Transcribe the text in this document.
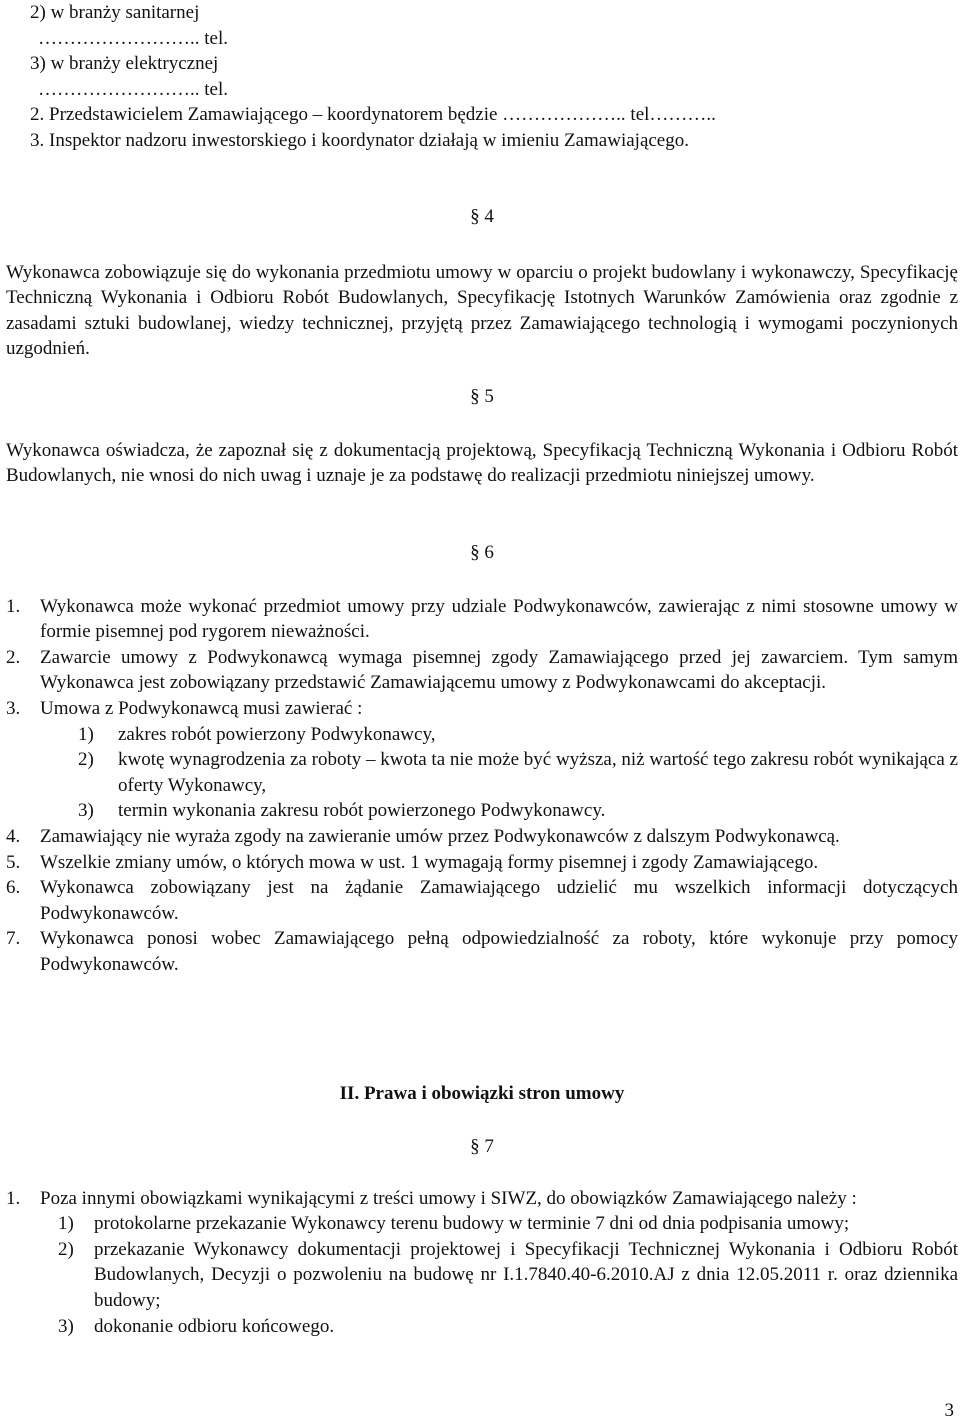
2) w branży sanitarnej
…………………….. tel.
3) w branży elektrycznej
…………………….. tel.
2. Przedstawicielem Zamawiającego – koordynatorem będzie ……………….. tel………..
3. Inspektor nadzoru inwestorskiego i koordynator działają w imieniu Zamawiającego.
§ 4
Wykonawca zobowiązuje się do wykonania przedmiotu umowy w oparciu o projekt budowlany i wykonawczy, Specyfikację Techniczną Wykonania i Odbioru Robót Budowlanych, Specyfikację Istotnych Warunków Zamówienia oraz zgodnie z zasadami sztuki budowlanej, wiedzy technicznej, przyjętą przez Zamawiającego technologią i wymogami poczynionych uzgodnień.
§ 5
Wykonawca oświadcza, że zapoznał się z dokumentacją projektową, Specyfikacją Techniczną Wykonania i Odbioru Robót Budowlanych, nie wnosi do nich uwag i uznaje je za podstawę do realizacji przedmiotu niniejszej umowy.
§ 6
1.	Wykonawca może wykonać przedmiot umowy przy udziale Podwykonawców, zawierając z nimi stosowne umowy w formie pisemnej pod rygorem nieważności.
2.	Zawarcie umowy z Podwykonawcą wymaga pisemnej zgody Zamawiającego przed jej zawarciem. Tym samym Wykonawca jest zobowiązany przedstawić Zamawiającemu umowy z Podwykonawcami do akceptacji.
3.	Umowa z Podwykonawcą musi zawierać :
1)	zakres robót powierzony Podwykonawcy,
2)	kwotę wynagrodzenia za roboty – kwota ta nie może być wyższa, niż wartość tego zakresu robót wynikająca z oferty Wykonawcy,
3)	termin wykonania zakresu robót powierzonego Podwykonawcy.
4.	Zamawiający nie wyraża zgody na zawieranie umów przez Podwykonawców z dalszym Podwykonawcą.
5.	Wszelkie zmiany umów, o których mowa w ust. 1 wymagają formy pisemnej i zgody Zamawiającego.
6.	Wykonawca zobowiązany jest na żądanie Zamawiającego udzielić mu wszelkich informacji dotyczących Podwykonawców.
7.	Wykonawca ponosi wobec Zamawiającego pełną odpowiedzialność za roboty, które wykonuje przy pomocy Podwykonawców.
II. Prawa i obowiązki stron umowy
§ 7
1.	Poza innymi obowiązkami wynikającymi z treści umowy i SIWZ, do obowiązków Zamawiającego należy :
1)	protokolarne przekazanie Wykonawcy terenu budowy w terminie 7 dni od dnia podpisania umowy;
2)	przekazanie Wykonawcy dokumentacji projektowej i Specyfikacji Technicznej Wykonania i Odbioru Robót Budowlanych, Decyzji o pozwoleniu na budowę nr I.1.7840.40-6.2010.AJ z dnia 12.05.2011 r. oraz dziennika budowy;
3)	dokonanie odbioru końcowego.
3
